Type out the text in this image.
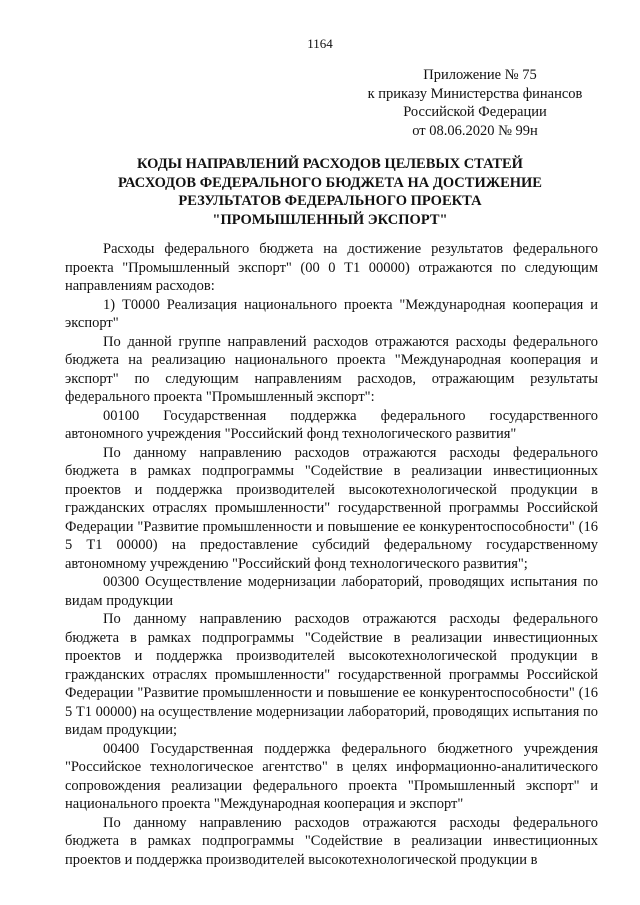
1164
Приложение № 75
к приказу Министерства финансов
Российской Федерации
от 08.06.2020 № 99н
КОДЫ НАПРАВЛЕНИЙ РАСХОДОВ ЦЕЛЕВЫХ СТАТЕЙ
РАСХОДОВ ФЕДЕРАЛЬНОГО БЮДЖЕТА НА ДОСТИЖЕНИЕ
РЕЗУЛЬТАТОВ ФЕДЕРАЛЬНОГО ПРОЕКТА
"ПРОМЫШЛЕННЫЙ ЭКСПОРТ"

Расходы федерального бюджета на достижение результатов федерального проекта "Промышленный экспорт" (00 0 Т1 00000) отражаются по следующим направлениям расходов:

1) Т0000 Реализация национального проекта "Международная кооперация и экспорт"

По данной группе направлений расходов отражаются расходы федерального бюджета на реализацию национального проекта "Международная кооперация и экспорт" по следующим направлениям расходов, отражающим результаты федерального проекта "Промышленный экспорт":

00100 Государственная поддержка федерального государственного автономного учреждения "Российский фонд технологического развития"

По данному направлению расходов отражаются расходы федерального бюджета в рамках подпрограммы "Содействие в реализации инвестиционных проектов и поддержка производителей высокотехнологической продукции в гражданских отраслях промышленности" государственной программы Российской Федерации "Развитие промышленности и повышение ее конкурентоспособности" (16 5 Т1 00000) на предоставление субсидий федеральному государственному автономному учреждению "Российский фонд технологического развития";

00300 Осуществление модернизации лабораторий, проводящих испытания по видам продукции

По данному направлению расходов отражаются расходы федерального бюджета в рамках подпрограммы "Содействие в реализации инвестиционных проектов и поддержка производителей высокотехнологической продукции в гражданских отраслях промышленности" государственной программы Российской Федерации "Развитие промышленности и повышение ее конкурентоспособности" (16 5 Т1 00000) на осуществление модернизации лабораторий, проводящих испытания по видам продукции;

00400 Государственная поддержка федерального бюджетного учреждения "Российское технологическое агентство" в целях информационно-аналитического сопровождения реализации федерального проекта "Промышленный экспорт" и национального проекта "Международная кооперация и экспорт"

По данному направлению расходов отражаются расходы федерального бюджета в рамках подпрограммы "Содействие в реализации инвестиционных проектов и поддержка производителей высокотехнологической продукции в
